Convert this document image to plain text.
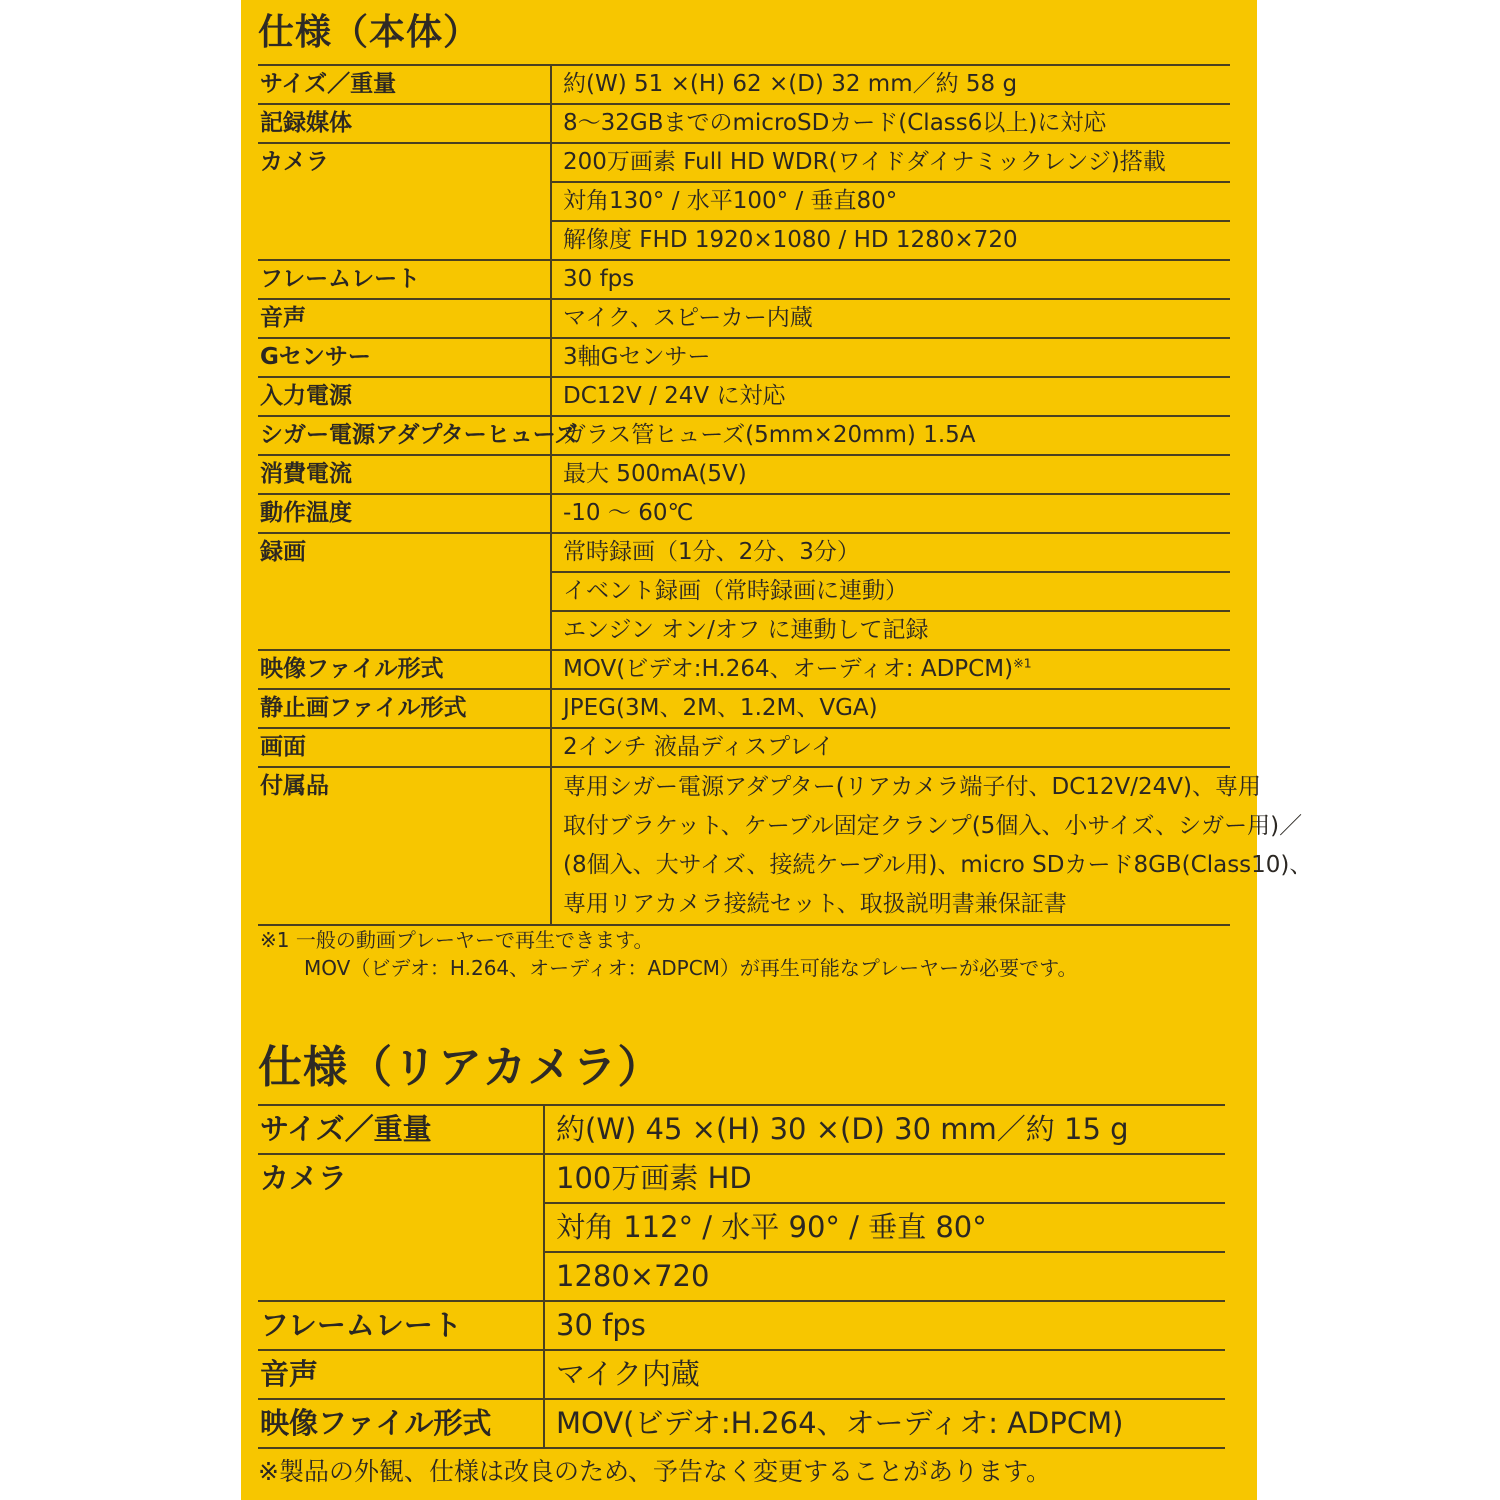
仕様（本体）
サイズ／重量	約(W) 51 ×(H) 62 ×(D) 32 mm／約 58 g
記録媒体	8～32GBまでのmicroSDカード(Class6以上)に対応
カメラ	200万画素 Full HD WDR(ワイドダイナミックレンジ)搭載
	対角130° / 水平100° / 垂直80°
	解像度 FHD 1920×1080 / HD 1280×720
フレームレート	30 fps
音声	マイク、スピーカー内蔵
Gセンサー	3軸Gセンサー
入力電源	DC12V / 24V に対応
シガー電源アダプターヒューズ	ガラス管ヒューズ(5mm×20mm) 1.5A
消費電流	最大 500mA(5V)
動作温度	-10 ～ 60℃
録画	常時録画（1分、2分、3分）
	イベント録画（常時録画に連動）
	エンジン オン/オフ に連動して記録
映像ファイル形式	MOV(ビデオ:H.264、オーディオ: ADPCM)$^{※1}$
静止画ファイル形式	JPEG(3M、2M、1.2M、VGA)
画面	2インチ 液晶ディスプレイ
付属品	専用シガー電源アダプター(リアカメラ端子付、DC12V/24V)、専用
取付ブラケット、ケーブル固定クランプ(5個入、小サイズ、シガー用)／
(8個入、大サイズ、接続ケーブル用)、micro SDカード8GB(Class10)、
専用リアカメラ接続セット、取扱説明書兼保証書
※1 一般の動画プレーヤーで再生できます。
MOV（ビデオ：H.264、オーディオ：ADPCM）が再生可能なプレーヤーが必要です。
仕様（リアカメラ）
サイズ／重量	約(W) 45 ×(H) 30 ×(D) 30 mm／約 15 g
カメラ	100万画素 HD
	対角 112° / 水平 90° / 垂直 80°
	1280×720
フレームレート	30 fps
音声	マイク内蔵
映像ファイル形式	MOV(ビデオ:H.264、オーディオ: ADPCM)
※製品の外観、仕様は改良のため、予告なく変更することがあります。
